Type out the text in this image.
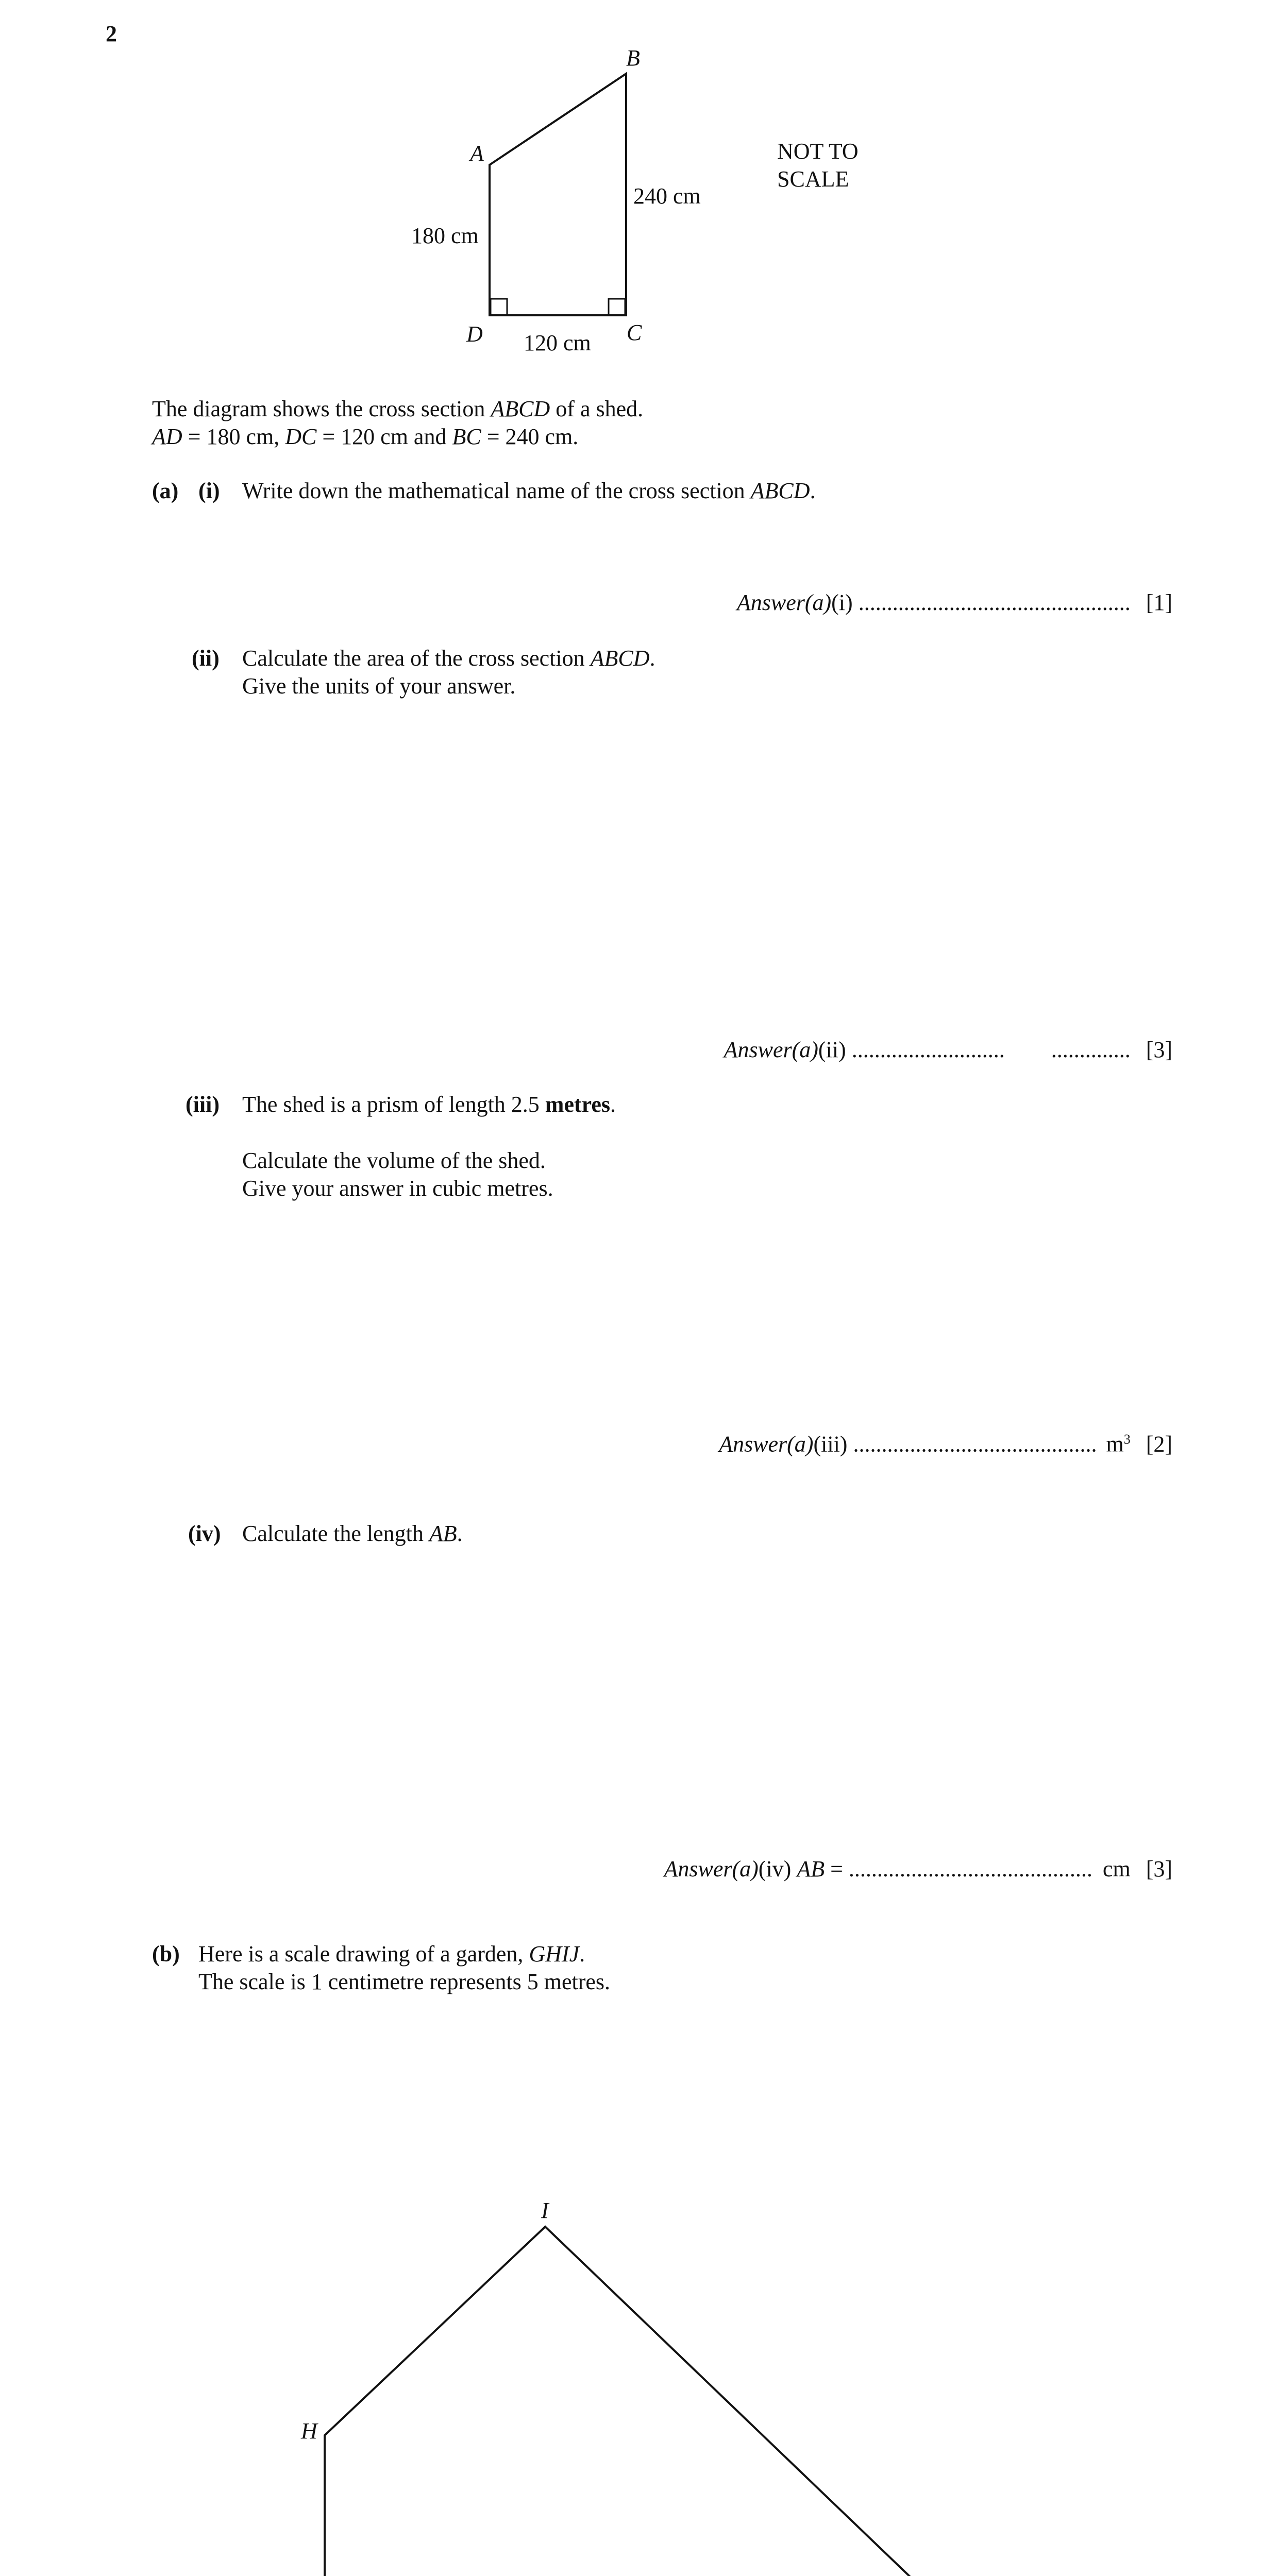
2
A
B
C
D
180 cm
240 cm
120 cm
NOT TO
SCALE
The diagram shows the cross section ABCD of a shed.
AD = 180 cm, DC = 120 cm and BC = 240 cm.
(a) (i) Write down the mathematical name of the cross section ABCD.
Answer(a)(i) ................................................ [1]
(ii) Calculate the area of the cross section ABCD.
Give the units of your answer.
Answer(a)(ii) ........................... .............. [3]
(iii) The shed is a prism of length 2.5 metres.
Calculate the volume of the shed.
Give your answer in cubic metres.
Answer(a)(iii) ........................................... $m^3$ [2]
(iv) Calculate the length AB.
Answer(a)(iv) AB = ........................................... cm [3]
(b) Here is a scale drawing of a garden, GHIJ.
The scale is 1 centimetre represents 5 metres.
H
I
